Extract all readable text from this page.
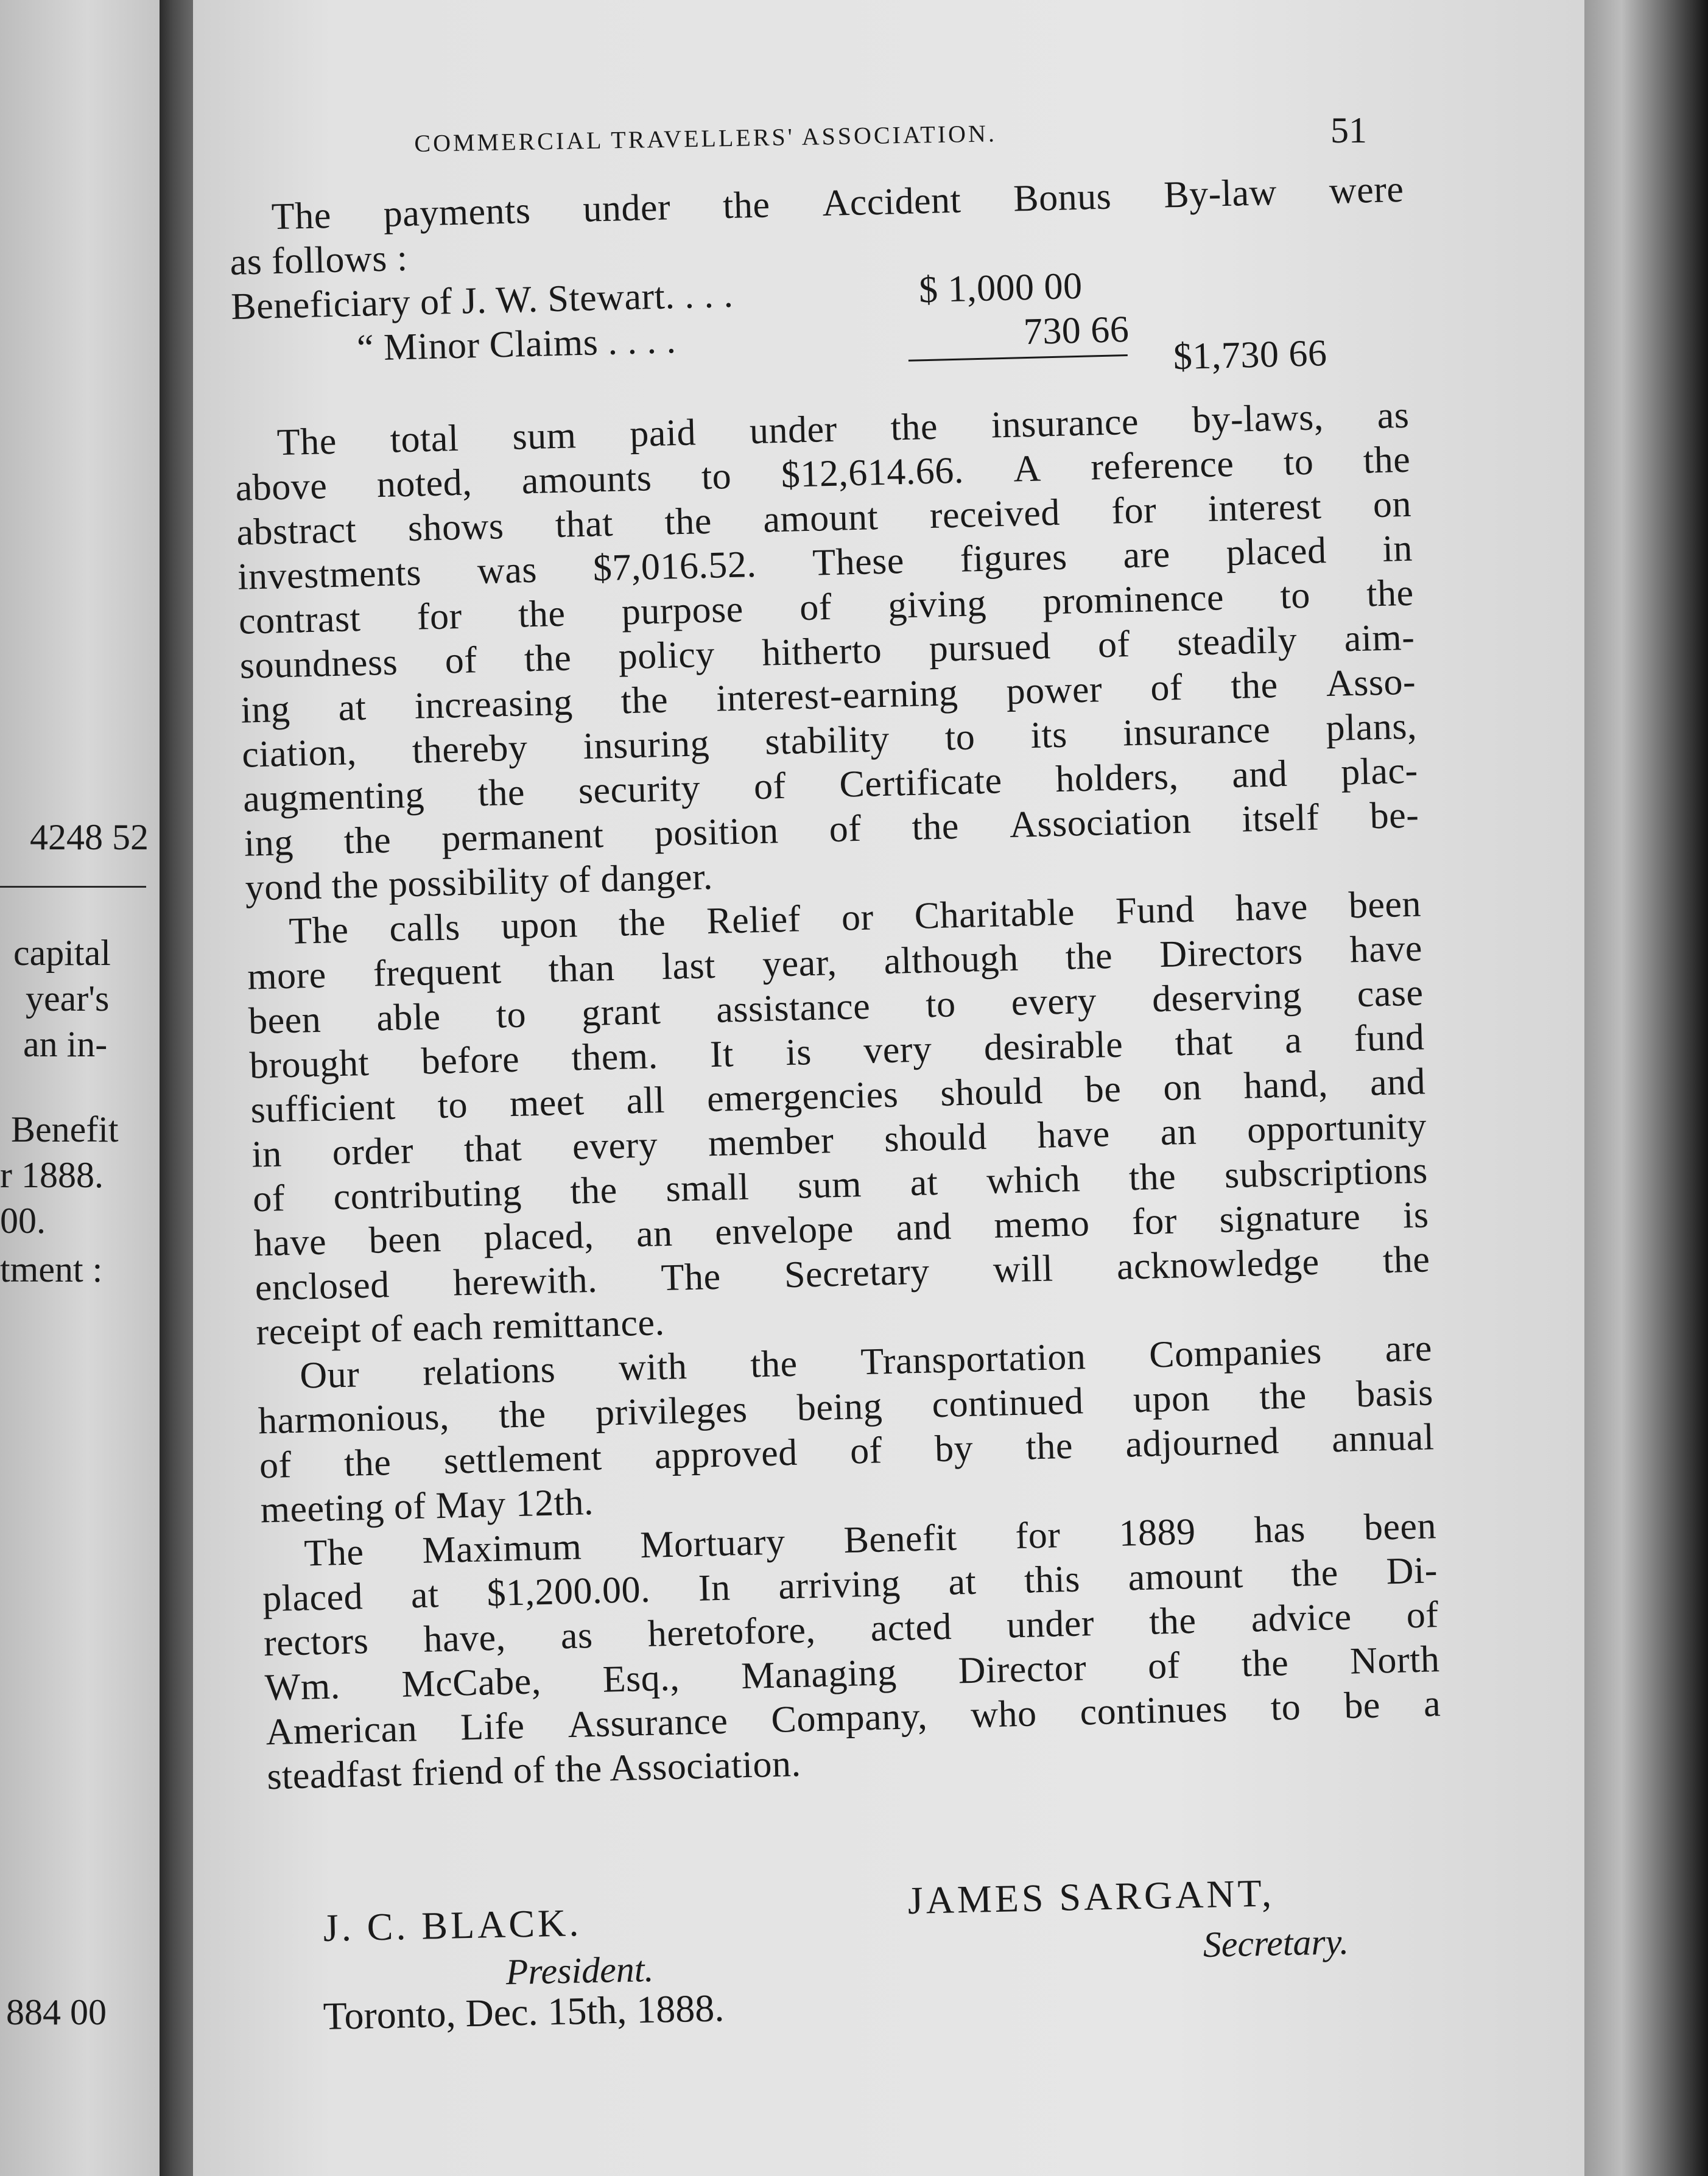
4248 52
capital
year's
an in-
Benefit
r 1888.
00.
tment :
884 00
COMMERCIAL TRAVELLERS' ASSOCIATION.	51
The payments under the Accident Bonus By-law were
as follows :
Beneficiary of J. W. Stewart. . . .	$ 1,000 00
“ Minor Claims . . . .	730 66
$1,730 66
The total sum paid under the insurance by-laws, as
above noted, amounts to $12,614.66. A reference to the
abstract shows that the amount received for interest on
investments was $7,016.52. These figures are placed in
contrast for the purpose of giving prominence to the
soundness of the policy hitherto pursued of steadily aim-
ing at increasing the interest-earning power of the Asso-
ciation, thereby insuring stability to its insurance plans,
augmenting the security of Certificate holders, and plac-
ing the permanent position of the Association itself be-
yond the possibility of danger.
The calls upon the Relief or Charitable Fund have been
more frequent than last year, although the Directors have
been able to grant assistance to every deserving case
brought before them. It is very desirable that a fund
sufficient to meet all emergencies should be on hand, and
in order that every member should have an opportunity
of contributing the small sum at which the subscriptions
have been placed, an envelope and memo for signature is
enclosed herewith. The Secretary will acknowledge the
receipt of each remittance.
Our relations with the Transportation Companies are
harmonious, the privileges being continued upon the basis
of the settlement approved of by the adjourned annual
meeting of May 12th.
The Maximum Mortuary Benefit for 1889 has been
placed at $1,200.00. In arriving at this amount the Di-
rectors have, as heretofore, acted under the advice of
Wm. McCabe, Esq., Managing Director of the North
American Life Assurance Company, who continues to be a
steadfast friend of the Association.
J. C. BLACK.
President.
JAMES SARGANT,
Secretary.
Toronto, Dec. 15th, 1888.
